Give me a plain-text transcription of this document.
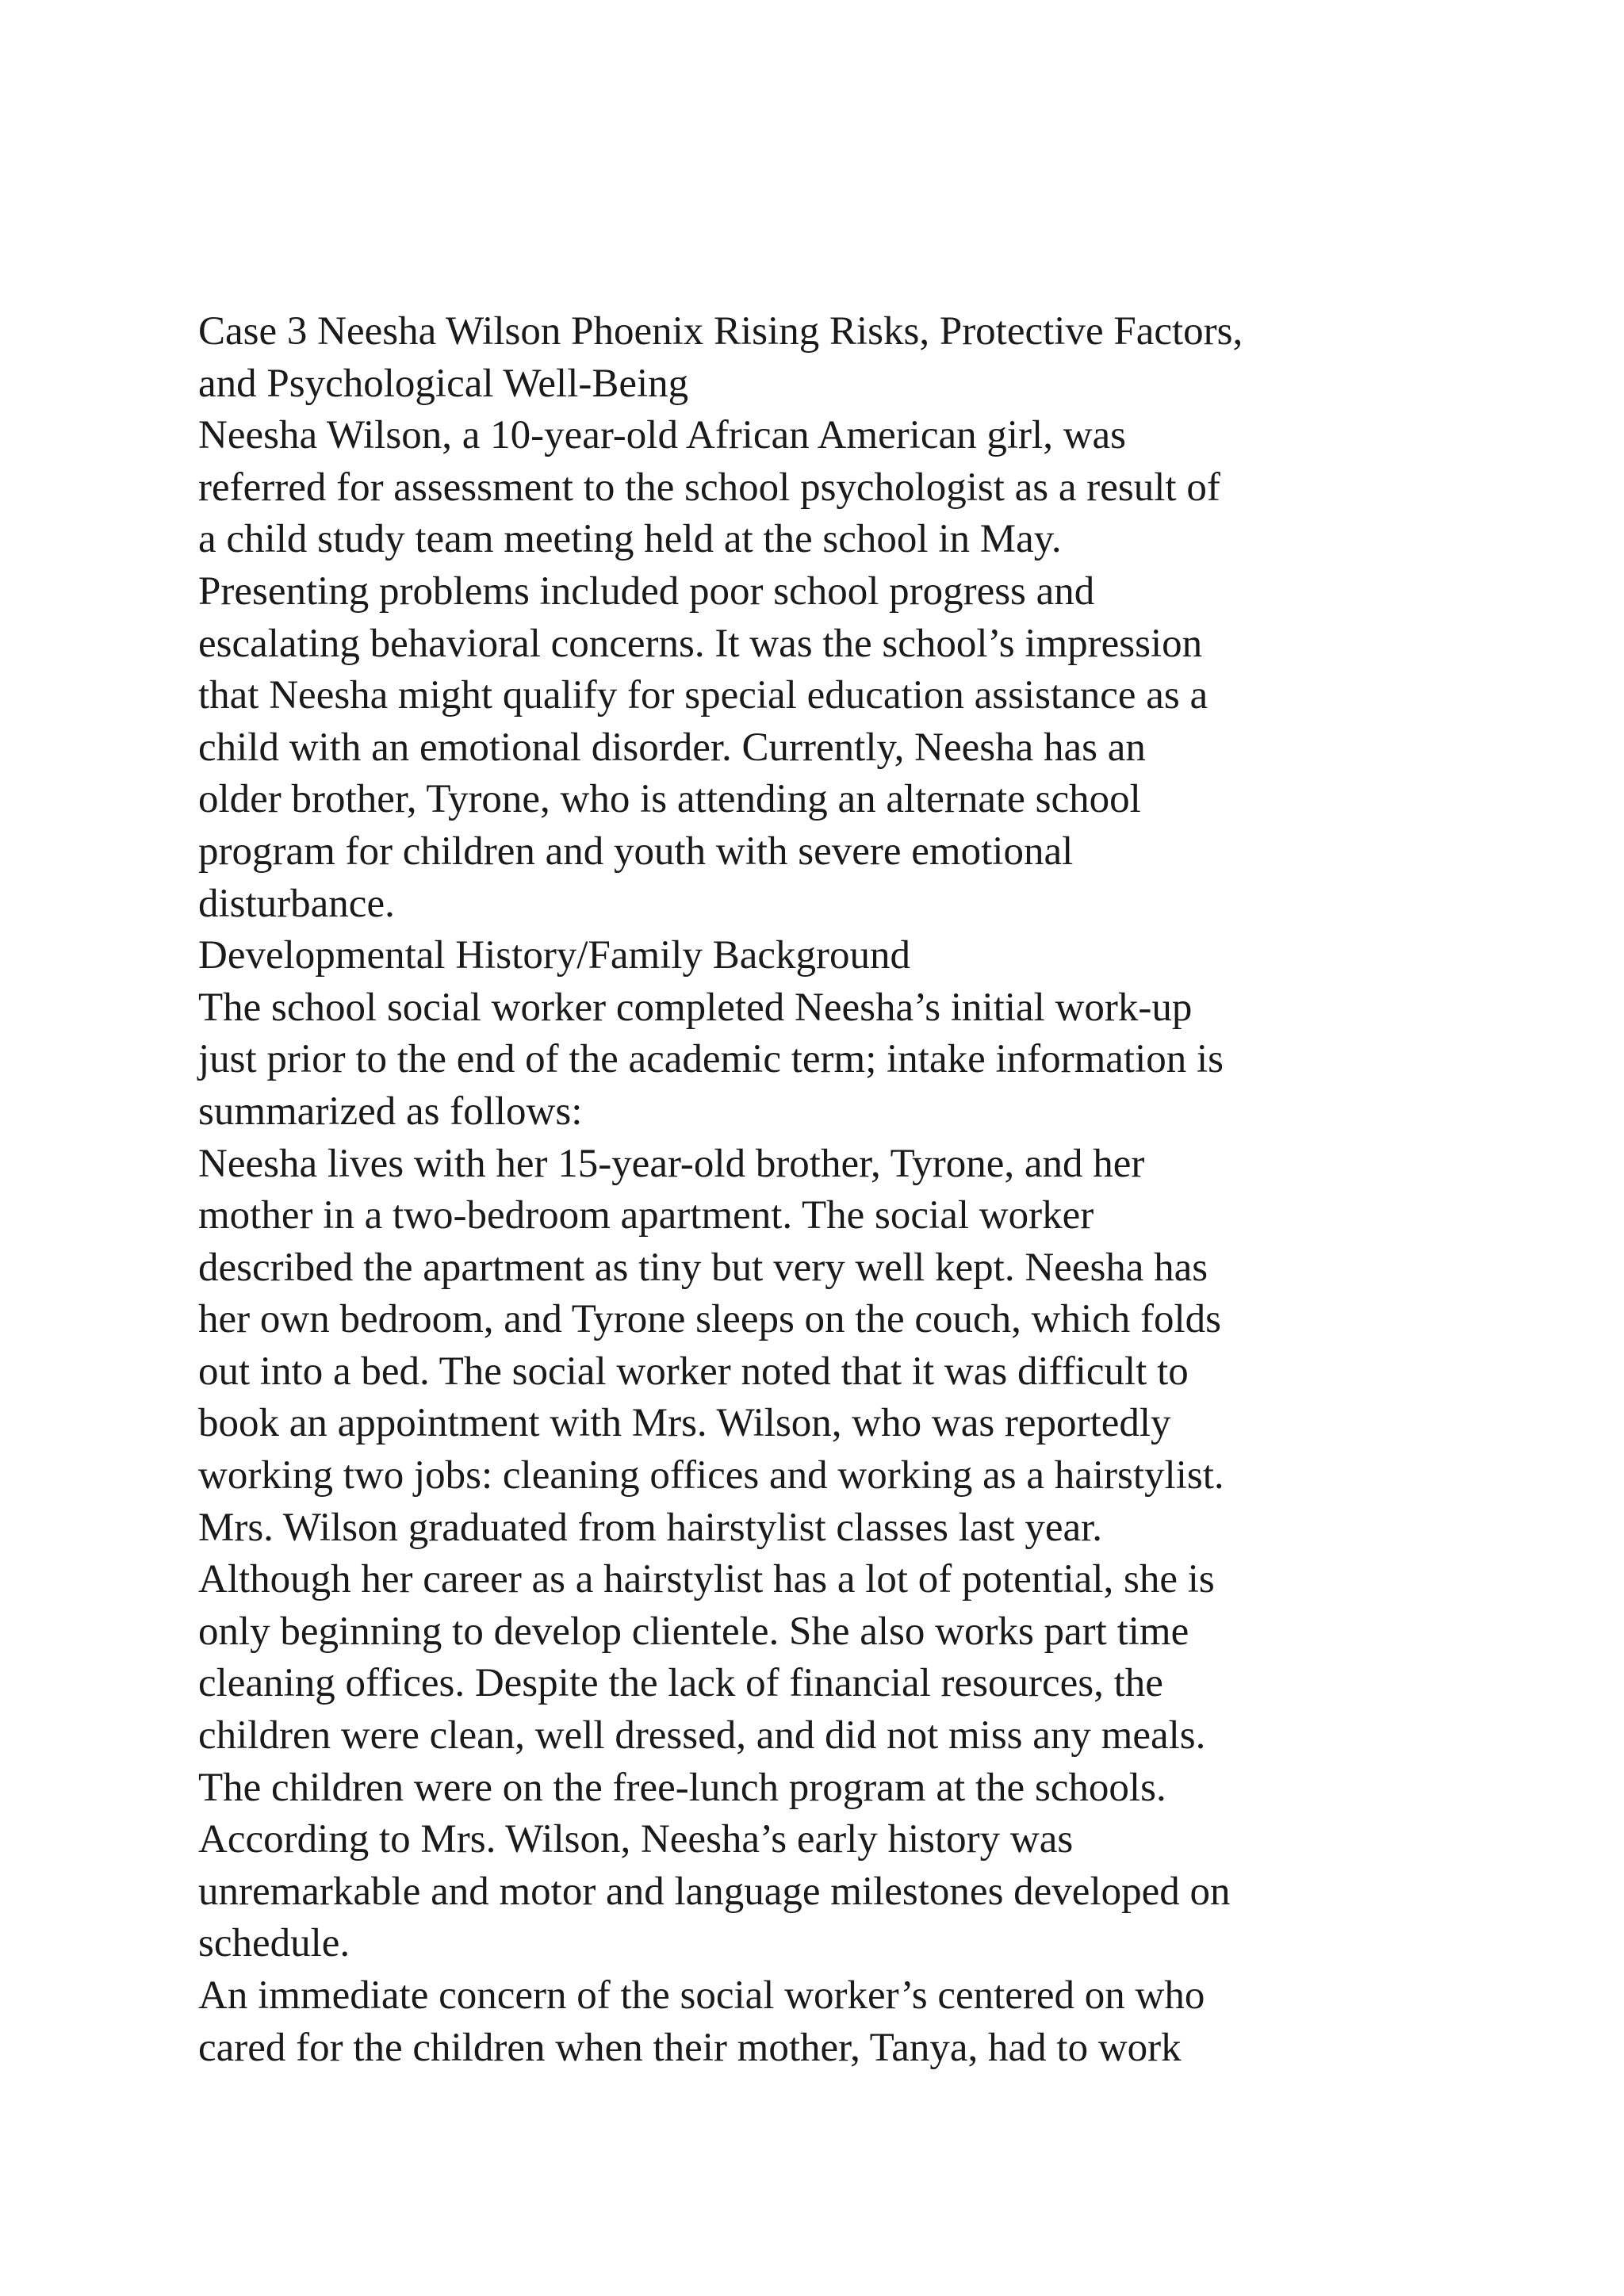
Case 3 Neesha Wilson Phoenix Rising Risks, Protective Factors,
and Psychological Well-Being
Neesha Wilson, a 10-year-old African American girl, was
referred for assessment to the school psychologist as a result of
a child study team meeting held at the school in May.
Presenting problems included poor school progress and
escalating behavioral concerns. It was the school’s impression
that Neesha might qualify for special education assistance as a
child with an emotional disorder. Currently, Neesha has an
older brother, Tyrone, who is attending an alternate school
program for children and youth with severe emotional
disturbance.
Developmental History/Family Background
The school social worker completed Neesha’s initial work-up
just prior to the end of the academic term; intake information is
summarized as follows:
Neesha lives with her 15-year-old brother, Tyrone, and her
mother in a two-bedroom apartment. The social worker
described the apartment as tiny but very well kept. Neesha has
her own bedroom, and Tyrone sleeps on the couch, which folds
out into a bed. The social worker noted that it was difficult to
book an appointment with Mrs. Wilson, who was reportedly
working two jobs: cleaning offices and working as a hairstylist.
Mrs. Wilson graduated from hairstylist classes last year.
Although her career as a hairstylist has a lot of potential, she is
only beginning to develop clientele. She also works part time
cleaning offices. Despite the lack of financial resources, the
children were clean, well dressed, and did not miss any meals.
The children were on the free-lunch program at the schools.
According to Mrs. Wilson, Neesha’s early history was
unremarkable and motor and language milestones developed on
schedule.
An immediate concern of the social worker’s centered on who
cared for the children when their mother, Tanya, had to work
